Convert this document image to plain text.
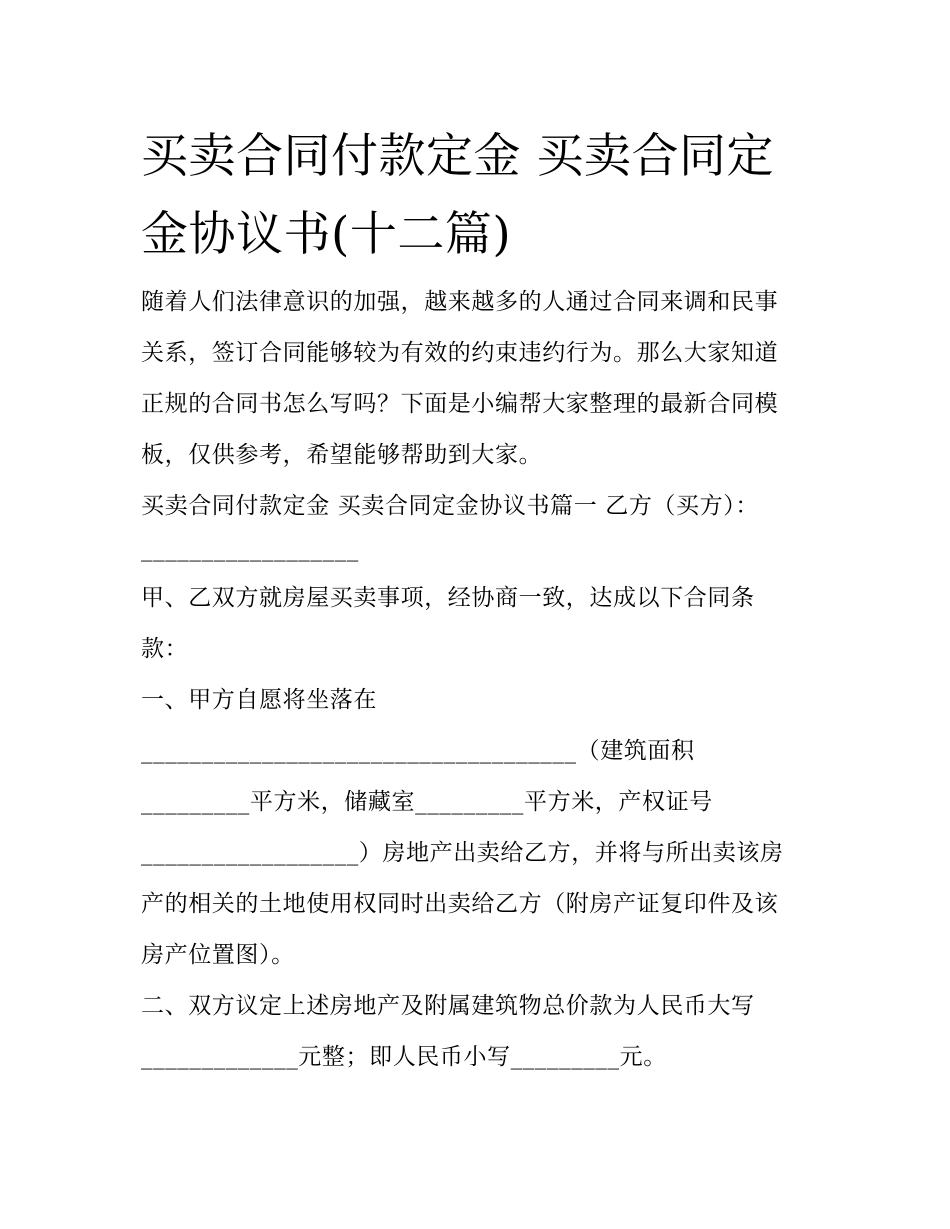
买卖合同付款定金 买卖合同定
金协议书(十二篇)

随着人们法律意识的加强，越来越多的人通过合同来调和民事

关系，签订合同能够较为有效的约束违约行为。那么大家知道

正规的合同书怎么写吗？下面是小编帮大家整理的最新合同模

板，仅供参考，希望能够帮助到大家。

买卖合同付款定金 买卖合同定金协议书篇一 乙方（买方）：

__________________

甲、乙双方就房屋买卖事项，经协商一致，达成以下合同条

款：

一、甲方自愿将坐落在

____________________________________（建筑面积

_________平方米，储藏室_________平方米，产权证号

__________________）房地产出卖给乙方，并将与所出卖该房

产的相关的土地使用权同时出卖给乙方（附房产证复印件及该

房产位置图）。

二、双方议定上述房地产及附属建筑物总价款为人民币大写

_____________元整；即人民币小写_________元。
